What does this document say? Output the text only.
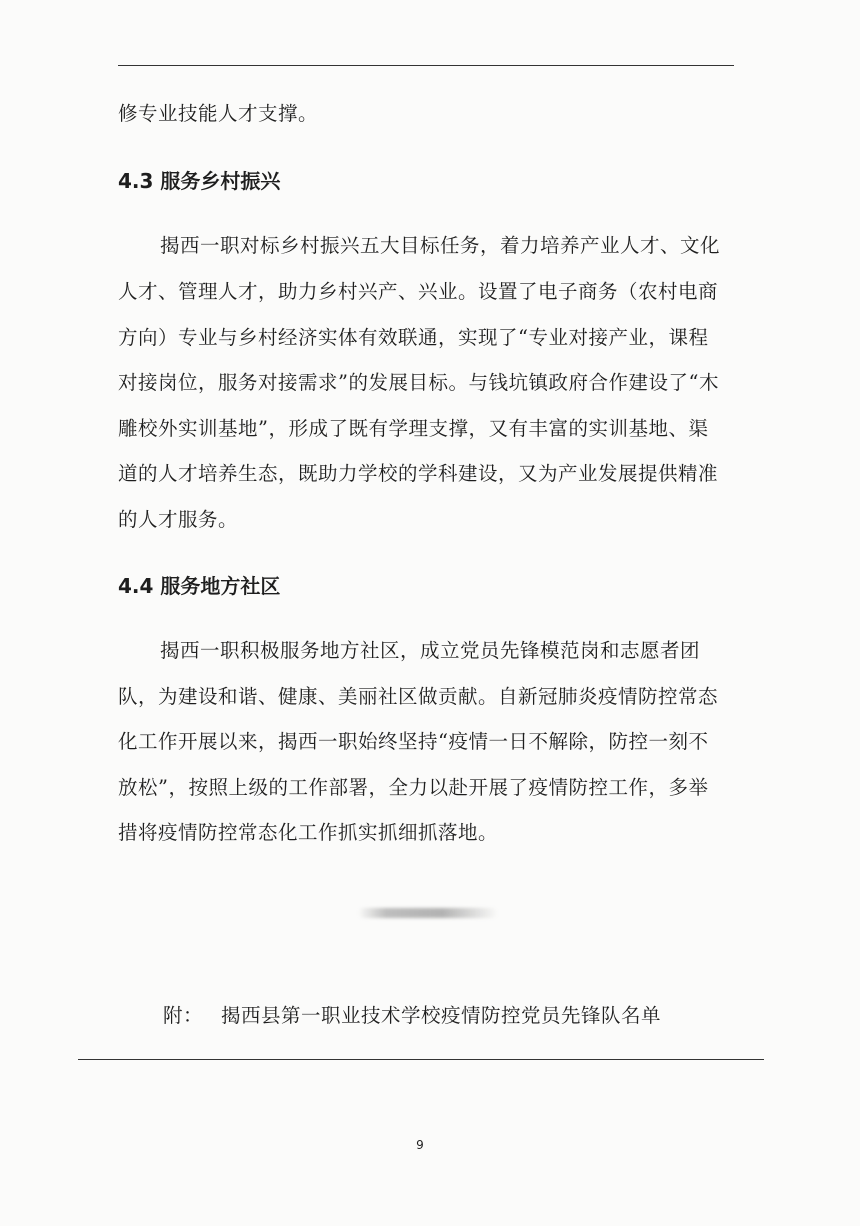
修专业技能人才支撑。
4.3 服务乡村振兴
揭西一职对标乡村振兴五大目标任务，着力培养产业人才、文化
人才、管理人才，助力乡村兴产、兴业。设置了电子商务（农村电商
方向）专业与乡村经济实体有效联通，实现了“专业对接产业，课程
对接岗位，服务对接需求”的发展目标。与钱坑镇政府合作建设了“木
雕校外实训基地”，形成了既有学理支撑，又有丰富的实训基地、渠
道的人才培养生态，既助力学校的学科建设，又为产业发展提供精准
的人才服务。
4.4 服务地方社区
揭西一职积极服务地方社区，成立党员先锋模范岗和志愿者团
队，为建设和谐、健康、美丽社区做贡献。自新冠肺炎疫情防控常态
化工作开展以来，揭西一职始终坚持“疫情一日不解除，防控一刻不
放松”，按照上级的工作部署，全力以赴开展了疫情防控工作，多举
措将疫情防控常态化工作抓实抓细抓落地。
附： 揭西县第一职业技术学校疫情防控党员先锋队名单
9
